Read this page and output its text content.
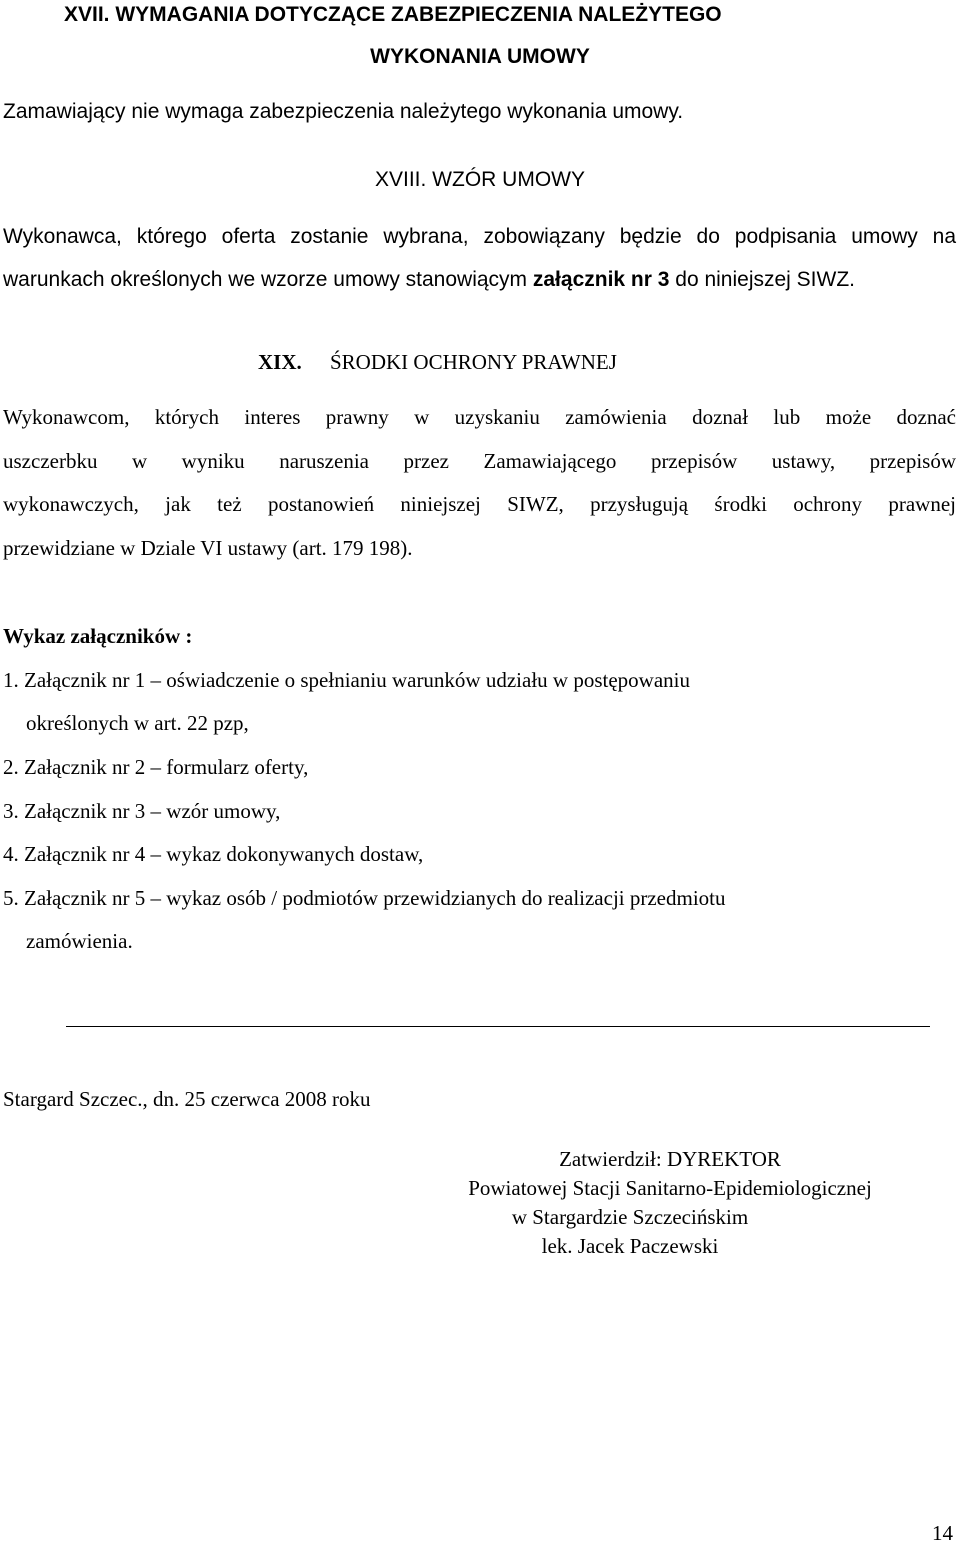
XVII. WYMAGANIA DOTYCZĄCE ZABEZPIECZENIA NALEŻYTEGO
WYKONANIA UMOWY
Zamawiający nie wymaga zabezpieczenia należytego wykonania umowy.
XVIII. WZÓR UMOWY
Wykonawca, którego oferta zostanie wybrana, zobowiązany będzie do podpisania umowy na
warunkach określonych we wzorze umowy stanowiącym załącznik nr 3 do niniejszej SIWZ.
XIX. ŚRODKI OCHRONY PRAWNEJ
Wykonawcom, których interes prawny w uzyskaniu zamówienia doznał lub może doznać
uszczerbku w wyniku naruszenia przez Zamawiającego przepisów ustawy, przepisów
wykonawczych, jak też postanowień niniejszej SIWZ, przysługują środki ochrony prawnej
przewidziane w Dziale VI ustawy (art. 179 198).
Wykaz załączników :
1. Załącznik nr 1 – oświadczenie o spełnianiu warunków udziału w postępowaniu
określonych w art. 22 pzp,
2. Załącznik nr 2 – formularz oferty,
3. Załącznik nr 3 – wzór umowy,
4. Załącznik nr 4 – wykaz dokonywanych dostaw,
5. Załącznik nr 5 – wykaz osób / podmiotów przewidzianych do realizacji przedmiotu
zamówienia.
Stargard Szczec., dn. 25 czerwca 2008 roku
Zatwierdził: DYREKTOR
Powiatowej Stacji Sanitarno-Epidemiologicznej
w Stargardzie Szczecińskim
lek. Jacek Paczewski
14
